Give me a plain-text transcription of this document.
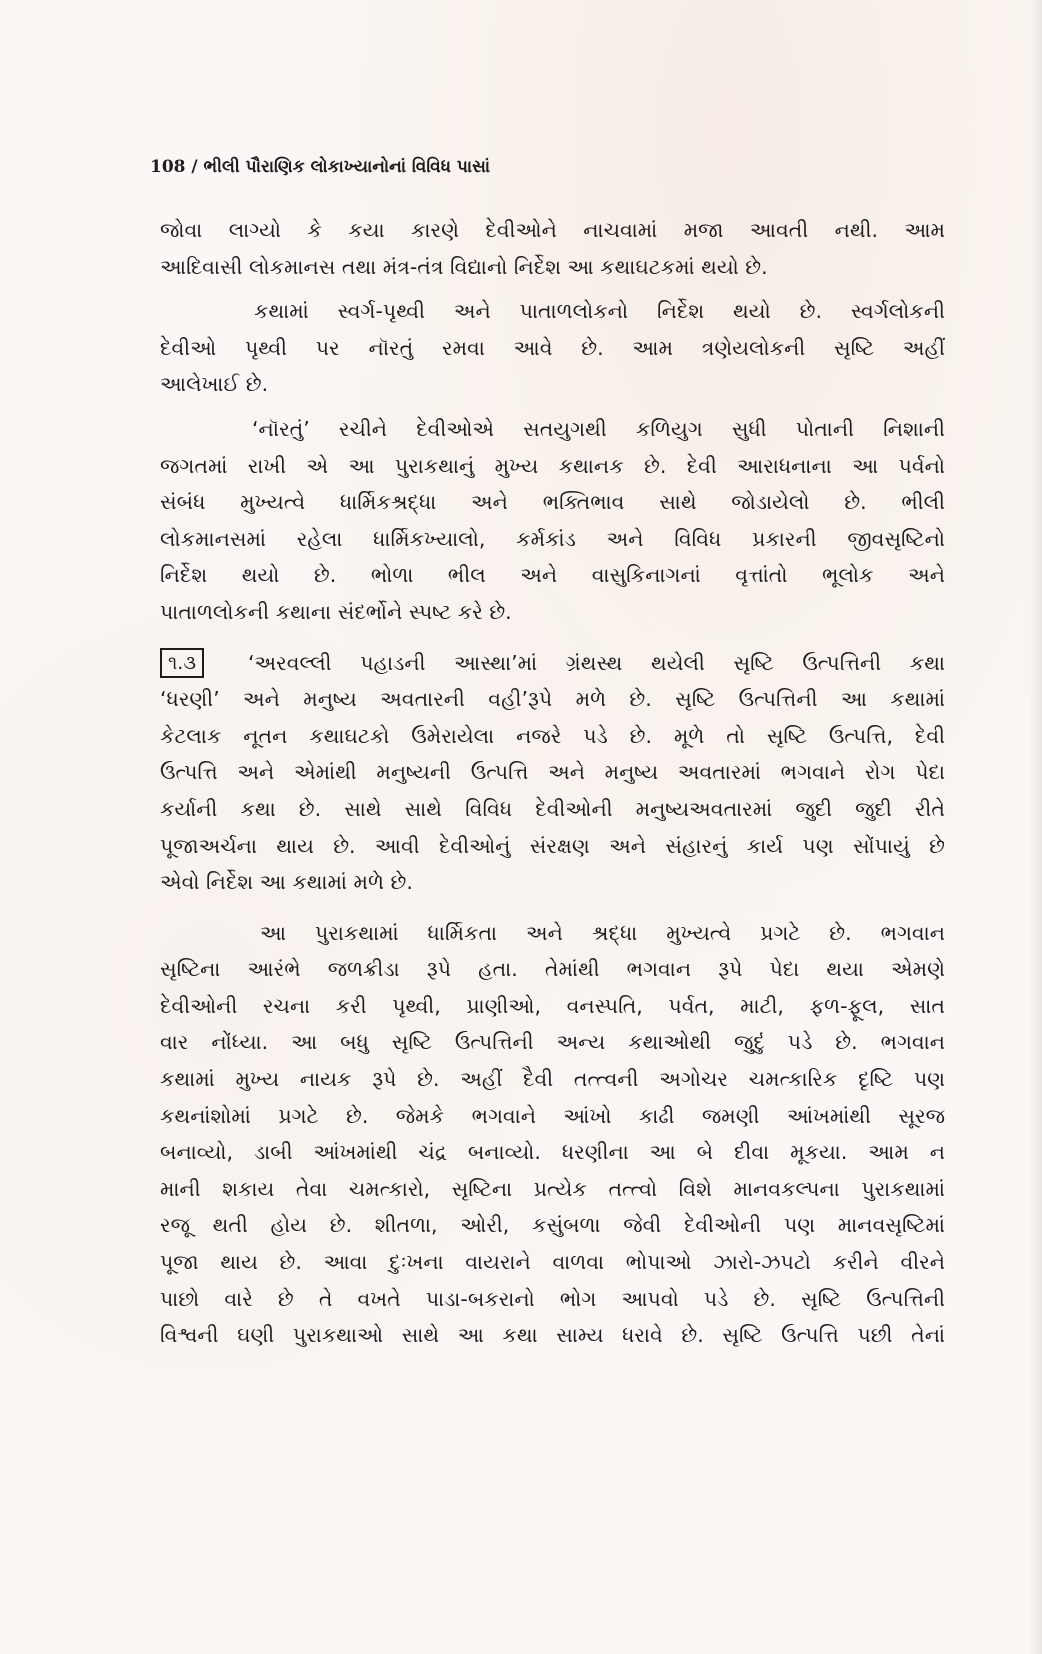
108 / ભીલી પૌરાણિક લોકાખ્યાનોનાં વિવિધ પાસાં
જોવા લાગ્યો કે કયા કારણે દેવીઓને નાચવામાં મજા આવતી નથી. આમ
આદિવાસી લોકમાનસ તથા મંત્ર-તંત્ર વિદ્યાનો નિર્દેશ આ કથાઘટકમાં થયો છે.
કથામાં સ્વર્ગ-પૃથ્વી અને પાતાળલોકનો નિર્દેશ થયો છે. સ્વર્ગલોકની
દેવીઓ પૃથ્વી પર નૉરતું રમવા આવે છે. આમ ત્રણેયલોકની સૃષ્ટિ અહીં
આલેખાઈ છે.
‘નૉરતું’ રચીને દેવીઓએ સતયુગથી કળિયુગ સુધી પોતાની નિશાની
જગતમાં રાખી એ આ પુરાકથાનું મુખ્ય કથાનક છે. દેવી આરાધનાના આ પર્વનો
સંબંધ મુખ્યત્વે ધાર્મિકશ્રદ્ધા અને ભક્તિભાવ સાથે જોડાયેલો છે. ભીલી
લોકમાનસમાં રહેલા ધાર્મિકખ્યાલો, કર્મકાંડ અને વિવિધ પ્રકારની જીવસૃષ્ટિનો
નિર્દેશ થયો છે. ભોળા ભીલ અને વાસુકિનાગનાં વૃત્તાંતો ભૂલોક અને
પાતાળલોકની કથાના સંદર્ભોને સ્પષ્ટ કરે છે.
૧.૩	‘અરવલ્લી પહાડની આસ્થા’માં ગ્રંથસ્થ થયેલી સૃષ્ટિ ઉત્પત્તિની કથા
‘ધરણી’ અને મનુષ્ય અવતારની વહી’રૂપે મળે છે. સૃષ્ટિ ઉત્પત્તિની આ કથામાં
કેટલાક નૂતન કથાઘટકો ઉમેરાયેલા નજરે પડે છે. મૂળે તો સૃષ્ટિ ઉત્પત્તિ, દેવી
ઉત્પત્તિ અને એમાંથી મનુષ્યની ઉત્પત્તિ અને મનુષ્ય અવતારમાં ભગવાને રોગ પેદા
કર્યાની કથા છે. સાથે સાથે વિવિધ દેવીઓની મનુષ્યઅવતારમાં જુદી જુદી રીતે
પૂજાઅર્ચના થાય છે. આવી દેવીઓનું સંરક્ષણ અને સંહારનું કાર્ય પણ સોંપાયું છે
એવો નિર્દેશ આ કથામાં મળે છે.
આ પુરાકથામાં ધાર્મિકતા અને શ્રદ્ધા મુખ્યત્વે પ્રગટે છે. ભગવાન
સૃષ્ટિના આરંભે જળક્રીડા રૂપે હતા. તેમાંથી ભગવાન રૂપે પેદા થયા એમણે
દેવીઓની રચના કરી પૃથ્વી, પ્રાણીઓ, વનસ્પતિ, પર્વત, માટી, ફળ-ફૂલ, સાત
વાર નોંધ્યા. આ બધુ સૃષ્ટિ ઉત્પત્તિની અન્ય કથાઓથી જુદું પડે છે. ભગવાન
કથામાં મુખ્ય નાયક રૂપે છે. અહીં દૈવી તત્ત્વની અગોચર ચમત્કારિક દૃષ્ટિ પણ
કથનાંશોમાં પ્રગટે છે. જેમકે ભગવાને આંખો કાઢી જમણી આંખમાંથી સૂરજ
બનાવ્યો, ડાબી આંખમાંથી ચંદ્ર બનાવ્યો. ધરણીના આ બે દીવા મૂકયા. આમ ન
માની શકાય તેવા ચમત્કારો, સૃષ્ટિના પ્રત્યેક તત્ત્વો વિશે માનવકલ્પના પુરાકથામાં
રજૂ થતી હોય છે. શીતળા, ઓરી, કસુંબળા જેવી દેવીઓની પણ માનવસૃષ્ટિમાં
પૂજા થાય છે. આવા દુઃખના વાયરાને વાળવા ભોપાઓ ઝારો-ઝપટો કરીને વીરને
પાછો વારે છે તે વખતે પાડા-બકરાનો ભોગ આપવો પડે છે. સૃષ્ટિ ઉત્પત્તિની
વિશ્વની ઘણી પુરાકથાઓ સાથે આ કથા સામ્ય ધરાવે છે. સૃષ્ટિ ઉત્પત્તિ પછી તેનાં
